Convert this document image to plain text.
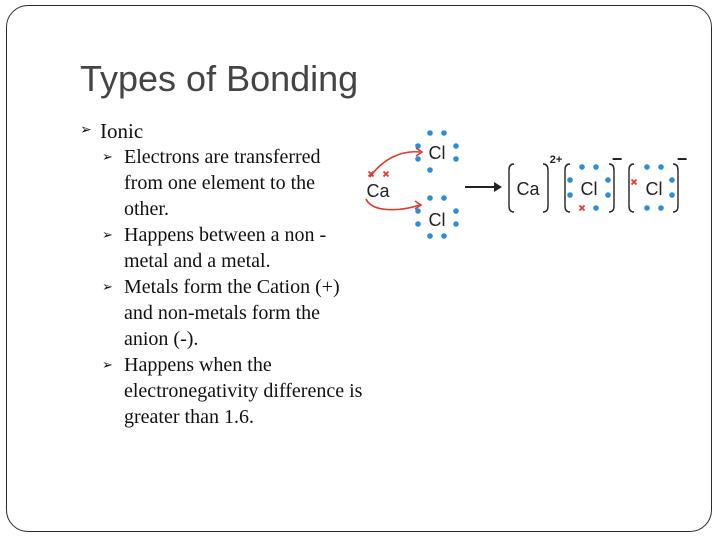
Types of Bonding
➢ Ionic
➢ Electrons are transferred from one element to the other.
➢ Happens between a non -metal and a metal.
➢ Metals form the Cation (+) and non-metals form the anion (-).
➢ Happens when the electronegativity difference is greater than 1.6.
Cl
Ca
Cl
Ca
2+
Cl
−
Cl
−
